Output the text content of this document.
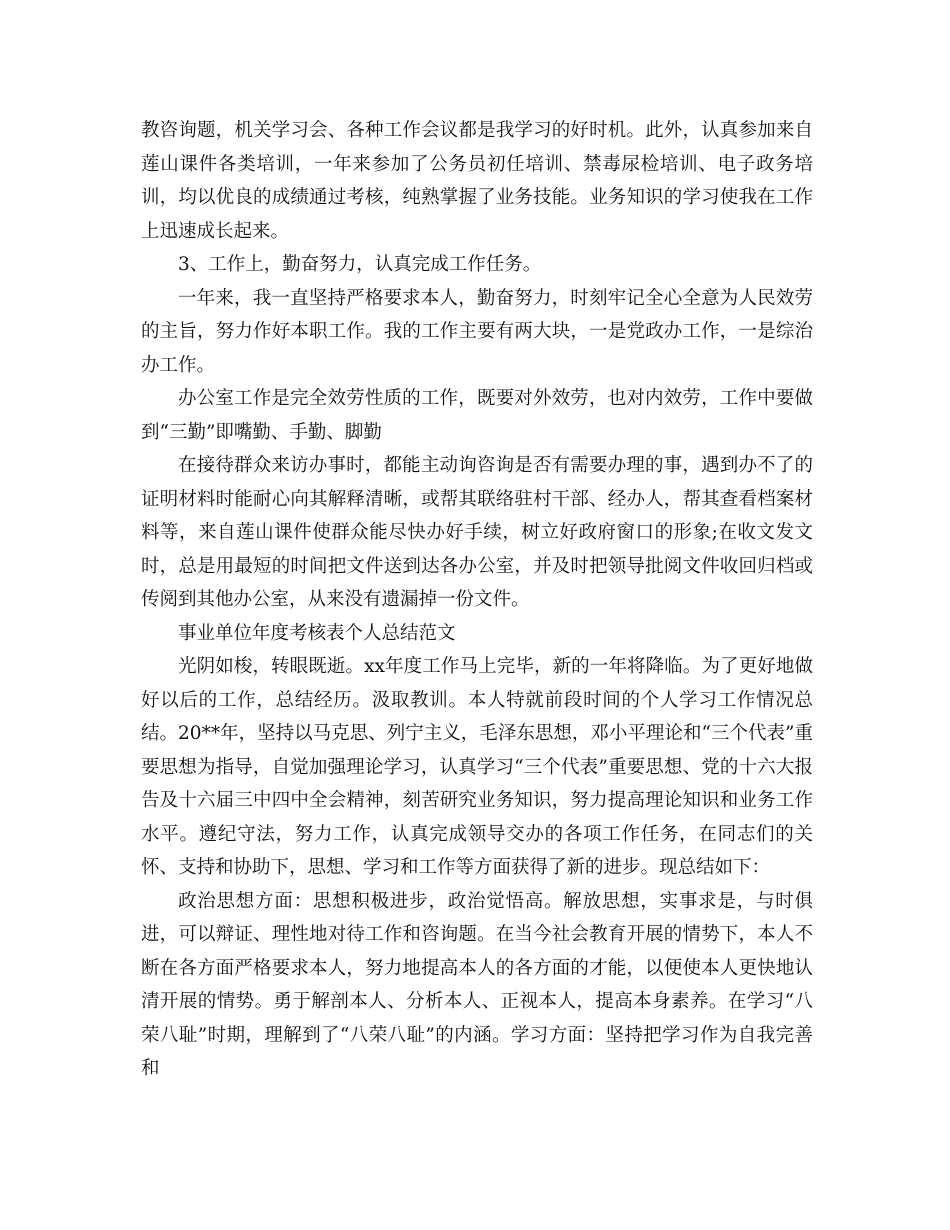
教咨询题，机关学习会、各种工作会议都是我学习的好时机。此外，认真参加来自莲山课件各类培训，一年来参加了公务员初任培训、禁毒尿检培训、电子政务培训，均以优良的成绩通过考核，纯熟掌握了业务技能。业务知识的学习使我在工作上迅速成长起来。

3、工作上，勤奋努力，认真完成工作任务。

一年来，我一直坚持严格要求本人，勤奋努力，时刻牢记全心全意为人民效劳的主旨，努力作好本职工作。我的工作主要有两大块，一是党政办工作，一是综治办工作。

办公室工作是完全效劳性质的工作，既要对外效劳，也对内效劳，工作中要做到“三勤”即嘴勤、手勤、脚勤

在接待群众来访办事时，都能主动询咨询是否有需要办理的事，遇到办不了的证明材料时能耐心向其解释清晰，或帮其联络驻村干部、经办人，帮其查看档案材料等，来自莲山课件使群众能尽快办好手续，树立好政府窗口的形象;在收文发文时，总是用最短的时间把文件送到达各办公室，并及时把领导批阅文件收回归档或传阅到其他办公室，从来没有遗漏掉一份文件。

事业单位年度考核表个人总结范文

光阴如梭，转眼既逝。xx年度工作马上完毕，新的一年将降临。为了更好地做好以后的工作，总结经历。汲取教训。本人特就前段时间的个人学习工作情况总结。20**年，坚持以马克思、列宁主义，毛泽东思想，邓小平理论和“三个代表”重要思想为指导，自觉加强理论学习，认真学习“三个代表”重要思想、党的十六大报告及十六届三中四中全会精神，刻苦研究业务知识，努力提高理论知识和业务工作水平。遵纪守法，努力工作，认真完成领导交办的各项工作任务，在同志们的关怀、支持和协助下，思想、学习和工作等方面获得了新的进步。现总结如下：

政治思想方面：思想积极进步，政治觉悟高。解放思想，实事求是，与时俱进，可以辩证、理性地对待工作和咨询题。在当今社会教育开展的情势下，本人不断在各方面严格要求本人，努力地提高本人的各方面的才能，以便使本人更快地认清开展的情势。勇于解剖本人、分析本人、正视本人，提高本身素养。在学习“八荣八耻”时期，理解到了“八荣八耻”的内涵。学习方面：坚持把学习作为自我完善和
